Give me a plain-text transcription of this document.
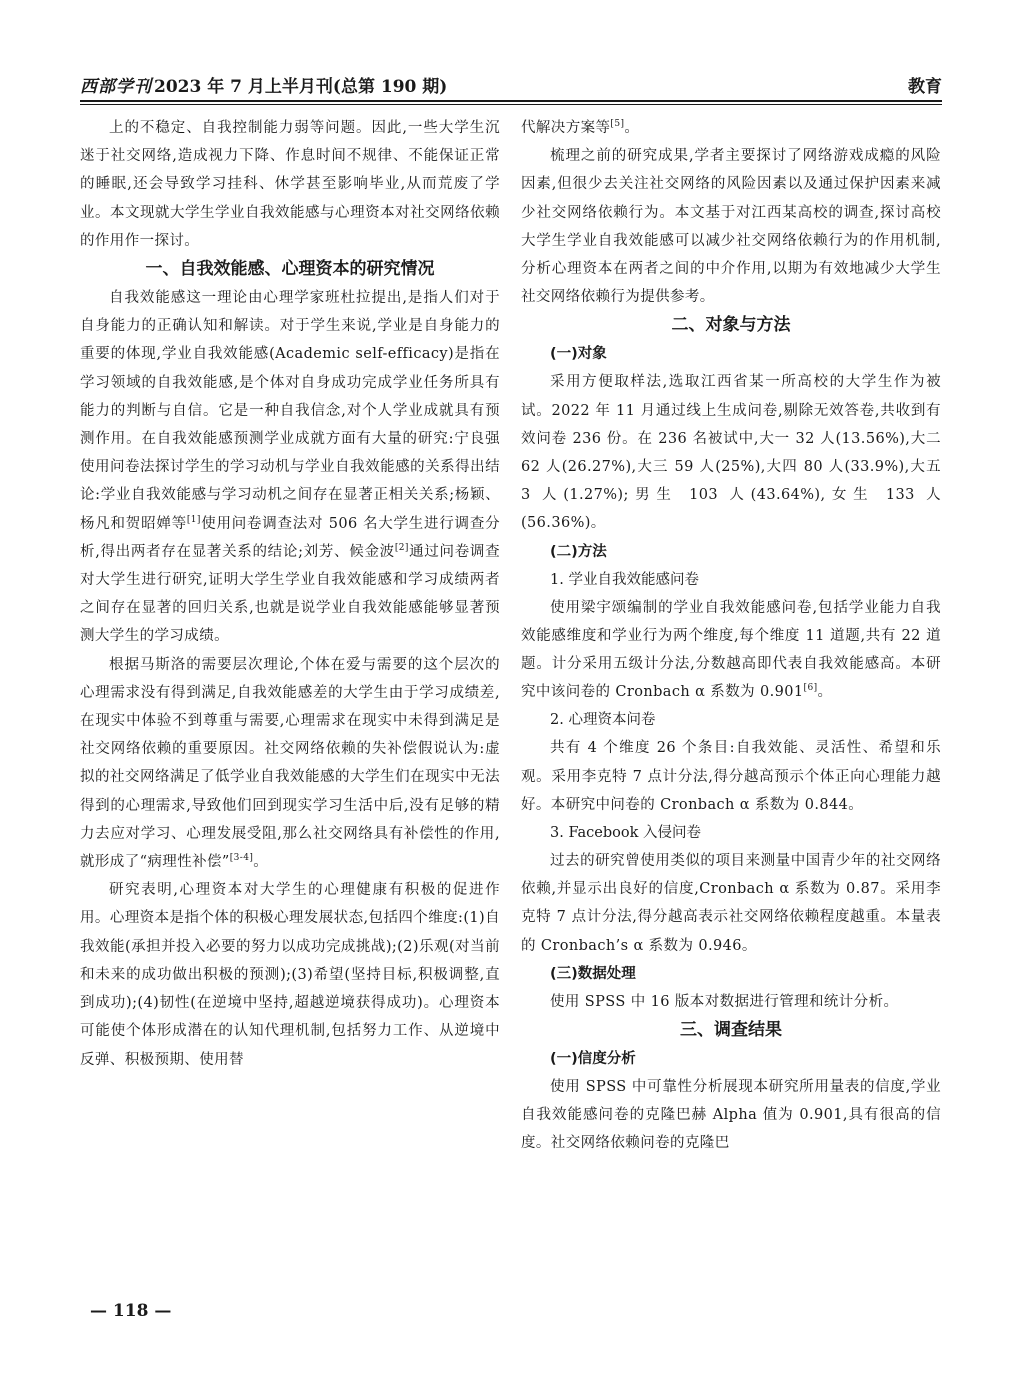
西部学刊 2023 年 7 月上半月刊(总第 190 期)	教育

上的不稳定、自我控制能力弱等问题。因此,一些大学生沉迷于社交网络,造成视力下降、作息时间不规律、不能保证正常的睡眠,还会导致学习挂科、休学甚至影响毕业,从而荒废了学业。本文现就大学生学业自我效能感与心理资本对社交网络依赖的作用作一探讨。

一、自我效能感、心理资本的研究情况

自我效能感这一理论由心理学家班杜拉提出,是指人们对于自身能力的正确认知和解读。对于学生来说,学业是自身能力的重要的体现,学业自我效能感(Academic self-efficacy)是指在学习领域的自我效能感,是个体对自身成功完成学业任务所具有能力的判断与自信。它是一种自我信念,对个人学业成就具有预测作用。在自我效能感预测学业成就方面有大量的研究:宁良强使用问卷法探讨学生的学习动机与学业自我效能感的关系得出结论:学业自我效能感与学习动机之间存在显著正相关关系;杨颖、杨凡和贺昭婵等[1]使用问卷调查法对 506 名大学生进行调查分析,得出两者存在显著关系的结论;刘芳、候金波[2]通过问卷调查对大学生进行研究,证明大学生学业自我效能感和学习成绩两者之间存在显著的回归关系,也就是说学业自我效能感能够显著预测大学生的学习成绩。

根据马斯洛的需要层次理论,个体在爱与需要的这个层次的心理需求没有得到满足,自我效能感差的大学生由于学习成绩差,在现实中体验不到尊重与需要,心理需求在现实中未得到满足是社交网络依赖的重要原因。社交网络依赖的失补偿假说认为:虚拟的社交网络满足了低学业自我效能感的大学生们在现实中无法得到的心理需求,导致他们回到现实学习生活中后,没有足够的精力去应对学习、心理发展受阻,那么社交网络具有补偿性的作用,就形成了“病理性补偿”[3-4]。

研究表明,心理资本对大学生的心理健康有积极的促进作用。心理资本是指个体的积极心理发展状态,包括四个维度:(1)自我效能(承担并投入必要的努力以成功完成挑战);(2)乐观(对当前和未来的成功做出积极的预测);(3)希望(坚持目标,积极调整,直到成功);(4)韧性(在逆境中坚持,超越逆境获得成功)。心理资本可能使个体形成潜在的认知代理机制,包括努力工作、从逆境中反弹、积极预期、使用替

代解决方案等[5]。

梳理之前的研究成果,学者主要探讨了网络游戏成瘾的风险因素,但很少去关注社交网络的风险因素以及通过保护因素来减少社交网络依赖行为。本文基于对江西某高校的调查,探讨高校大学生学业自我效能感可以减少社交网络依赖行为的作用机制,分析心理资本在两者之间的中介作用,以期为有效地减少大学生社交网络依赖行为提供参考。

二、对象与方法
(一)对象

采用方便取样法,选取江西省某一所高校的大学生作为被试。2022 年 11 月通过线上生成问卷,剔除无效答卷,共收到有效问卷 236 份。在 236 名被试中,大一 32 人(13.56%),大二 62 人(26.27%),大三 59 人(25%),大四 80 人(33.9%),大五 3 人(1.27%);男生 103 人(43.64%),女生 133 人(56.36%)。

(二)方法
1. 学业自我效能感问卷

使用梁宇颂编制的学业自我效能感问卷,包括学业能力自我效能感维度和学业行为两个维度,每个维度 11 道题,共有 22 道题。计分采用五级计分法,分数越高即代表自我效能感高。本研究中该问卷的 Cronbach α 系数为 0.901[6]。

2. 心理资本问卷

共有 4 个维度 26 个条目:自我效能、灵活性、希望和乐观。采用李克特 7 点计分法,得分越高预示个体正向心理能力越好。本研究中问卷的 Cronbach α 系数为 0.844。

3. Facebook 入侵问卷

过去的研究曾使用类似的项目来测量中国青少年的社交网络依赖,并显示出良好的信度,Cronbach α 系数为 0.87。采用李克特 7 点计分法,得分越高表示社交网络依赖程度越重。本量表的 Cronbach’s α 系数为 0.946。

(三)数据处理

使用 SPSS 中 16 版本对数据进行管理和统计分析。

三、调查结果
(一)信度分析

使用 SPSS 中可靠性分析展现本研究所用量表的信度,学业自我效能感问卷的克隆巴赫 Alpha 值为 0.901,具有很高的信度。社交网络依赖问卷的克隆巴

— 118 —
